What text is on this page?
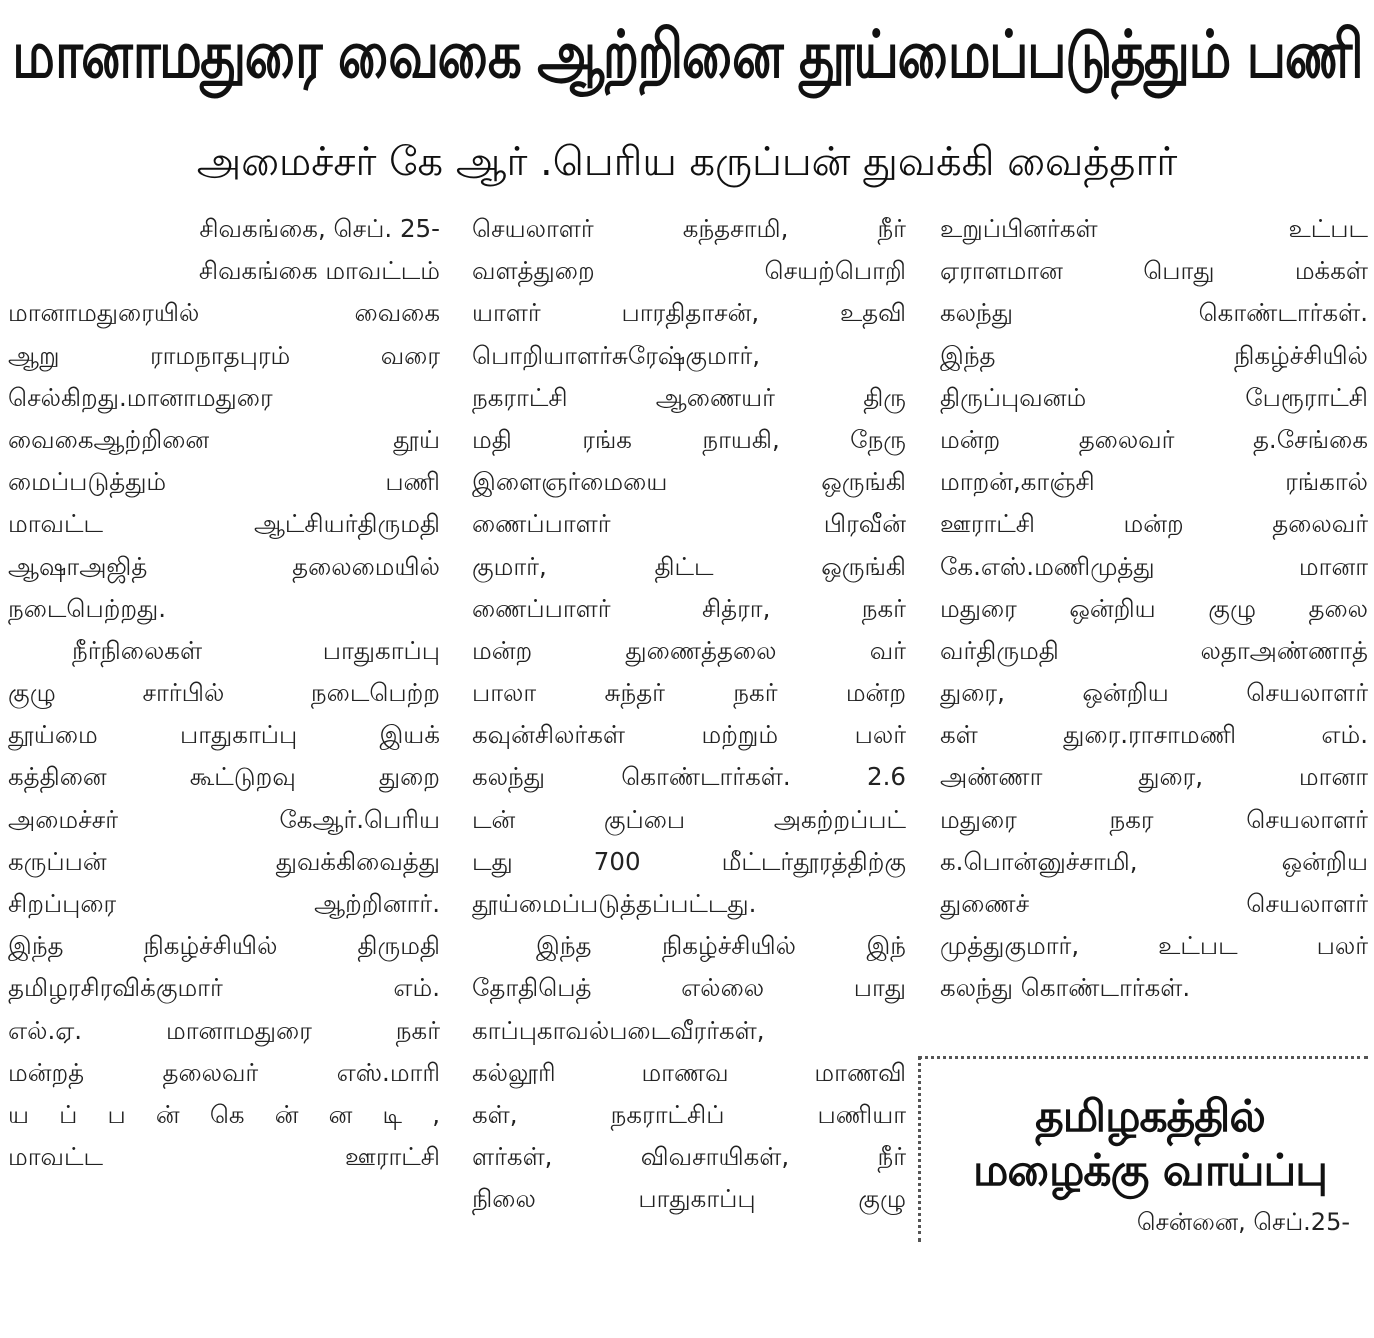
மானாமதுரை வைகை ஆற்றினை தூய்மைப்படுத்தும் பணி
அமைச்சர் கே ஆர் .பெரிய கருப்பன் துவக்கி வைத்தார்
சிவகங்கை, செப். 25-
சிவகங்கை மாவட்டம்
மானாமதுரையில் வைகை
ஆறு ராமநாதபுரம் வரை
செல்கிறது.மானாமதுரை
வைகைஆற்றினை தூய்
மைப்படுத்தும் பணி
மாவட்ட ஆட்சியர்திருமதி
ஆஷாஅஜித் தலைமையில்
நடைபெற்றது.
நீர்நிலைகள் பாதுகாப்பு
குழு சார்பில் நடைபெற்ற
தூய்மை பாதுகாப்பு இயக்
கத்தினை கூட்டுறவு துறை
அமைச்சர் கேஆர்.பெரிய
கருப்பன் துவக்கிவைத்து
சிறப்புரை ஆற்றினார்.
இந்த நிகழ்ச்சியில் திருமதி
தமிழரசிரவிக்குமார் எம்.
எல்.ஏ. மானாமதுரை நகர்
மன்றத் தலைவர் எஸ்.மாரி
ய ப் ப ன் கெ ன் ன டி ,
மாவட்ட ஊராட்சி
செயலாளர் கந்தசாமி, நீர்
வளத்துறை செயற்பொறி
யாளர் பாரதிதாசன், உதவி
பொறியாளர்சுரேஷ்குமார்,
நகராட்சி ஆணையர் திரு
மதி ரங்க நாயகி, நேரு
இளைஞர்மையை ஒருங்கி
ணைப்பாளர் பிரவீன்
குமார், திட்ட ஒருங்கி
ணைப்பாளர் சித்ரா, நகர்
மன்ற துணைத்தலை வர்
பாலா சுந்தர் நகர் மன்ற
கவுன்சிலர்கள் மற்றும் பலர்
கலந்து கொண்டார்கள். 2.6
டன் குப்பை அகற்றப்பட்
டது 700 மீட்டர்தூரத்திற்கு
தூய்மைப்படுத்தப்பட்டது.
இந்த நிகழ்ச்சியில் இந்
தோதிபெத் எல்லை பாது
காப்புகாவல்படைவீரர்கள்,
கல்லூரி மாணவ மாணவி
கள், நகராட்சிப் பணியா
ளர்கள், விவசாயிகள், நீர்
நிலை பாதுகாப்பு குழு
உறுப்பினர்கள் உட்பட
ஏராளமான பொது மக்கள்
கலந்து கொண்டார்கள்.
இந்த நிகழ்ச்சியில்
திருப்புவனம் பேரூராட்சி
மன்ற தலைவர் த.சேங்கை
மாறன்,காஞ்சி ரங்கால்
ஊராட்சி மன்ற தலைவர்
கே.எஸ்.மணிமுத்து மானா
மதுரை ஒன்றிய குழு தலை
வர்திருமதி லதாஅண்ணாத்
துரை, ஒன்றிய செயலாளர்
கள் துரை.ராசாமணி எம்.
அண்ணா துரை, மானா
மதுரை நகர செயலாளர்
க.பொன்னுச்சாமி, ஒன்றிய
துணைச் செயலாளர்
முத்துகுமார், உட்பட பலர்
கலந்து கொண்டார்கள்.
தமிழகத்தில்
மழைக்கு வாய்ப்பு
சென்னை, செப்.25-
